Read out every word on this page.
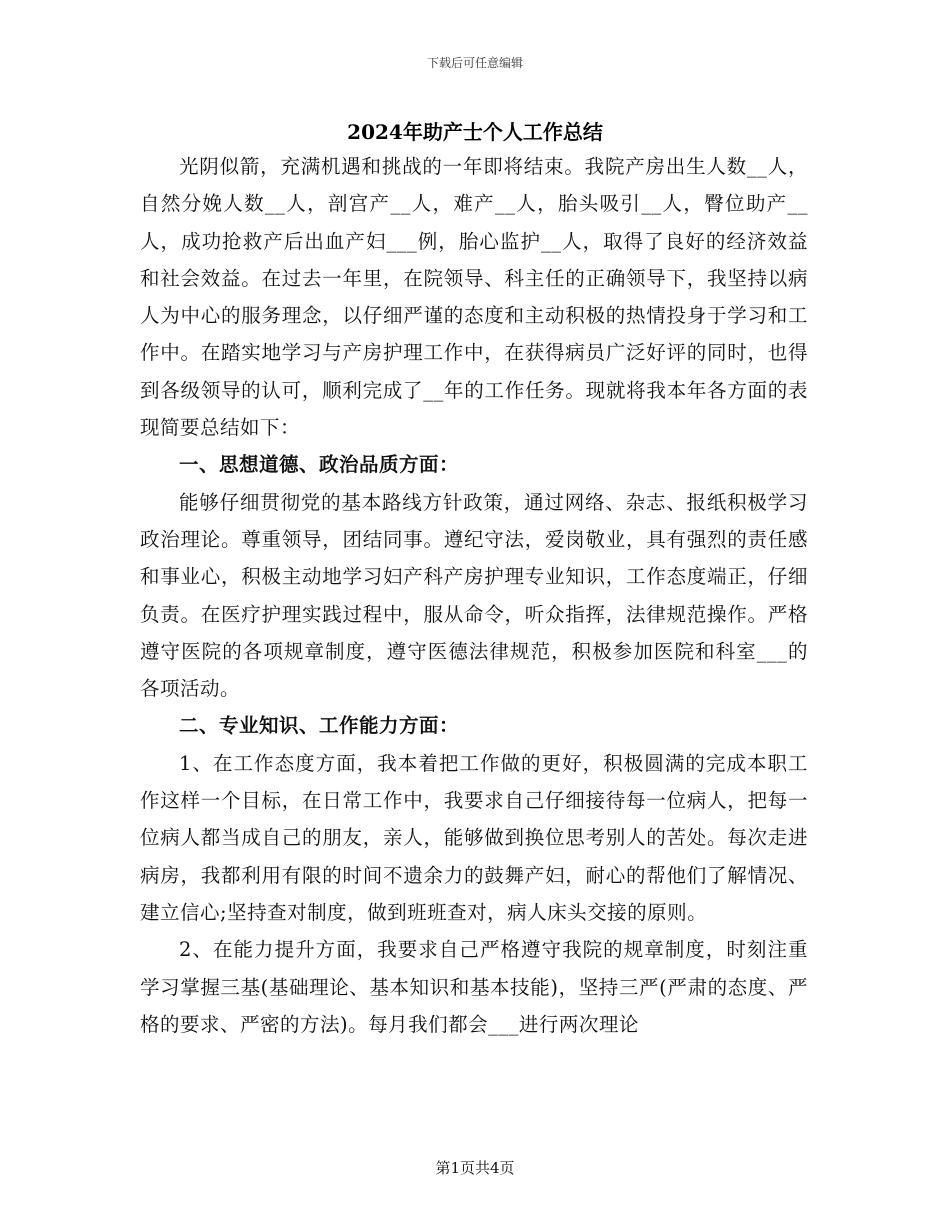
下载后可任意编辑
2024年助产士个人工作总结

光阴似箭，充满机遇和挑战的一年即将结束。我院产房出生人数__人，自然分娩人数__人，剖宫产__人，难产__人，胎头吸引__人，臀位助产__人，成功抢救产后出血产妇___例，胎心监护__人，取得了良好的经济效益和社会效益。在过去一年里，在院领导、科主任的正确领导下，我坚持以病人为中心的服务理念，以仔细严谨的态度和主动积极的热情投身于学习和工作中。在踏实地学习与产房护理工作中，在获得病员广泛好评的同时，也得到各级领导的认可，顺利完成了__年的工作任务。现就将我本年各方面的表现简要总结如下：

一、思想道德、政治品质方面：

能够仔细贯彻党的基本路线方针政策，通过网络、杂志、报纸积极学习政治理论。尊重领导，团结同事。遵纪守法，爱岗敬业，具有强烈的责任感和事业心，积极主动地学习妇产科产房护理专业知识，工作态度端正，仔细负责。在医疗护理实践过程中，服从命令，听众指挥，法律规范操作。严格遵守医院的各项规章制度，遵守医德法律规范，积极参加医院和科室___的各项活动。

二、专业知识、工作能力方面：

1、在工作态度方面，我本着把工作做的更好，积极圆满的完成本职工作这样一个目标，在日常工作中，我要求自己仔细接待每一位病人，把每一位病人都当成自己的朋友，亲人，能够做到换位思考别人的苦处。每次走进病房，我都利用有限的时间不遗余力的鼓舞产妇，耐心的帮他们了解情况、建立信心;坚持查对制度，做到班班查对，病人床头交接的原则。

2、在能力提升方面，我要求自己严格遵守我院的规章制度，时刻注重学习掌握三基(基础理论、基本知识和基本技能)，坚持三严(严肃的态度、严格的要求、严密的方法)。每月我们都会___进行两次理论

第1页共4页
